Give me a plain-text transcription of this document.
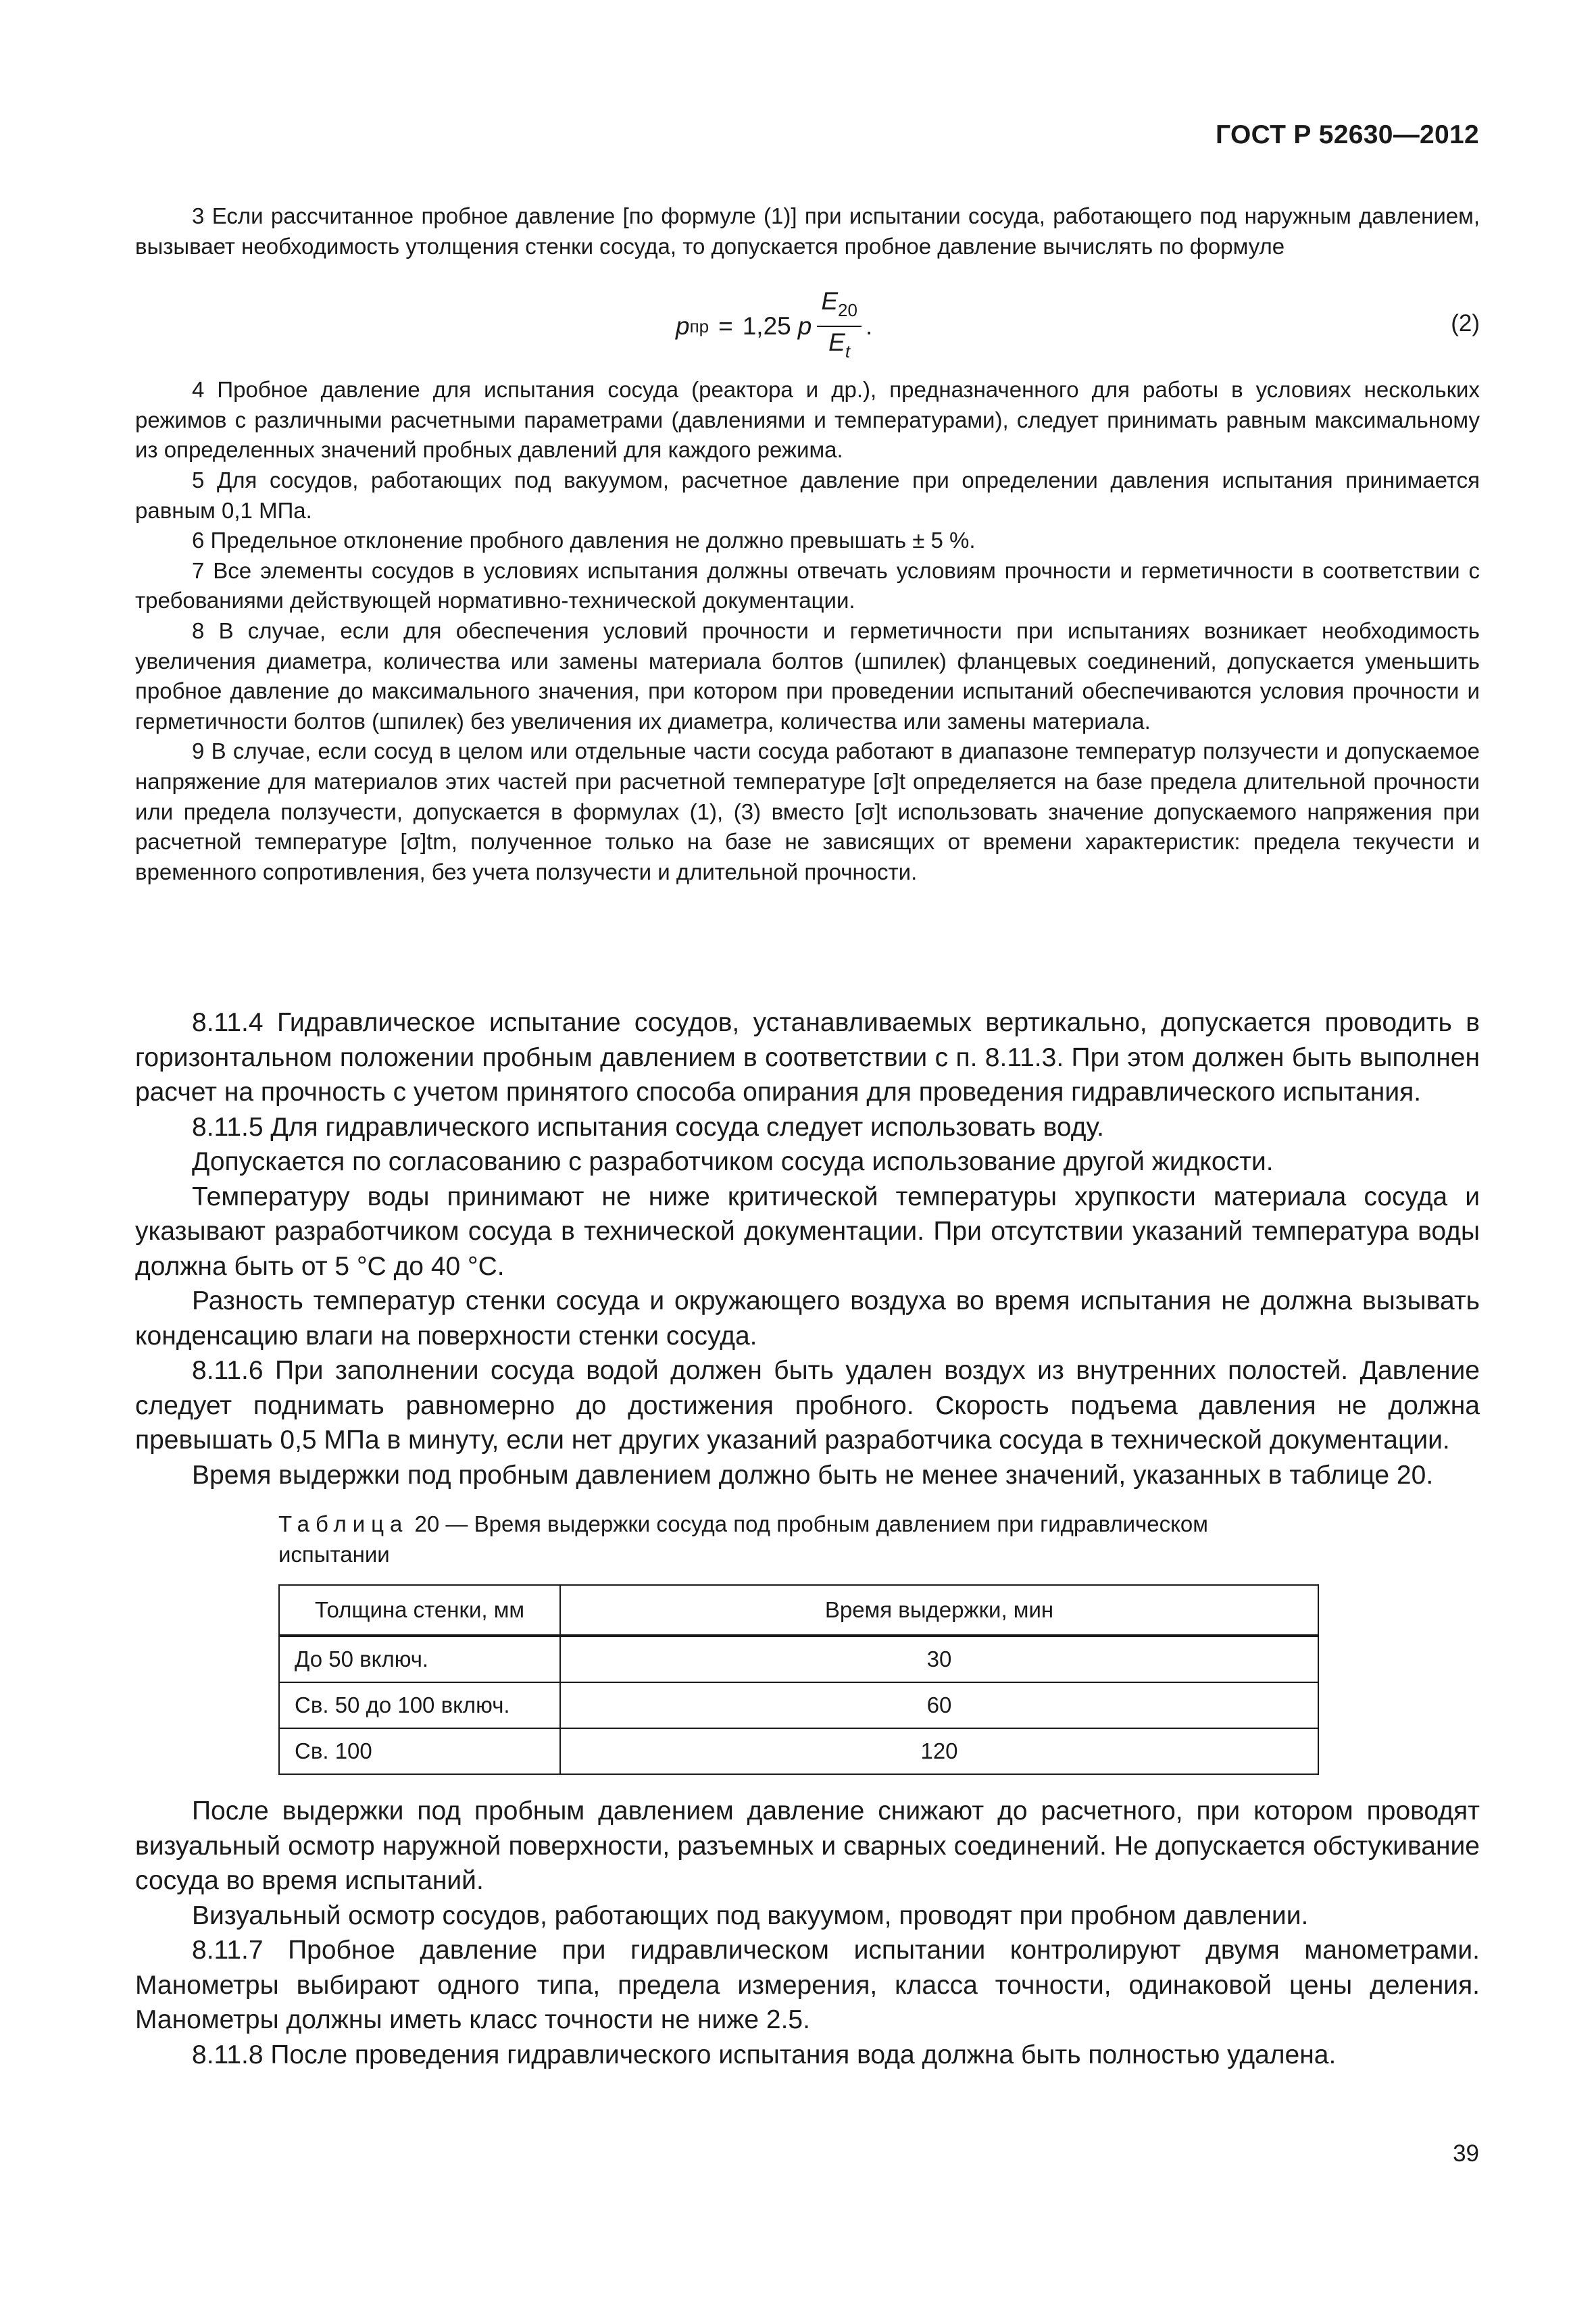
ГОСТ Р 52630—2012

3 Если рассчитанное пробное давление [по формуле (1)] при испытании сосуда, работающего под наружным давлением, вызывает необходимость утолщения стенки сосуда, то допускается пробное давление вычислять по формуле

p пр = 1,25 p $\frac{E_{20}}{E_t}$ .	(2)

4 Пробное давление для испытания сосуда (реактора и др.), предназначенного для работы в условиях нескольких режимов с различными расчетными параметрами (давлениями и температурами), следует принимать равным максимальному из определенных значений пробных давлений для каждого режима.

5 Для сосудов, работающих под вакуумом, расчетное давление при определении давления испытания принимается равным 0,1 МПа.

6 Предельное отклонение пробного давления не должно превышать ± 5 %.

7 Все элементы сосудов в условиях испытания должны отвечать условиям прочности и герметичности в соответствии с требованиями действующей нормативно-технической документации.

8 В случае, если для обеспечения условий прочности и герметичности при испытаниях возникает необходимость увеличения диаметра, количества или замены материала болтов (шпилек) фланцевых соединений, допускается уменьшить пробное давление до максимального значения, при котором при проведении испытаний обеспечиваются условия прочности и герметичности болтов (шпилек) без увеличения их диаметра, количества или замены материала.

9 В случае, если сосуд в целом или отдельные части сосуда работают в диапазоне температур ползучести и допускаемое напряжение для материалов этих частей при расчетной температуре [σ]t определяется на базе предела длительной прочности или предела ползучести, допускается в формулах (1), (3) вместо [σ]t использовать значение допускаемого напряжения при расчетной температуре [σ]tm, полученное только на базе не зависящих от времени характеристик: предела текучести и временного сопротивления, без учета ползучести и длительной прочности.

8.11.4 Гидравлическое испытание сосудов, устанавливаемых вертикально, допускается проводить в горизонтальном положении пробным давлением в соответствии с п. 8.11.3. При этом должен быть выполнен расчет на прочность с учетом принятого способа опирания для проведения гидравлического испытания.

8.11.5 Для гидравлического испытания сосуда следует использовать воду.

Допускается по согласованию с разработчиком сосуда использование другой жидкости.

Температуру воды принимают не ниже критической температуры хрупкости материала сосуда и указывают разработчиком сосуда в технической документации. При отсутствии указаний температура воды должна быть от 5 °С до 40 °С.

Разность температур стенки сосуда и окружающего воздуха во время испытания не должна вызывать конденсацию влаги на поверхности стенки сосуда.

8.11.6 При заполнении сосуда водой должен быть удален воздух из внутренних полостей. Давление следует поднимать равномерно до достижения пробного. Скорость подъема давления не должна превышать 0,5 МПа в минуту, если нет других указаний разработчика сосуда в технической документации.

Время выдержки под пробным давлением должно быть не менее значений, указанных в таблице 20.

Таблица 20 — Время выдержки сосуда под пробным давлением при гидравлическом испытании
Толщина стенки, мм	Время выдержки, мин
До 50 включ.	30
Св. 50 до 100 включ.	60
Св. 100	120

После выдержки под пробным давлением давление снижают до расчетного, при котором проводят визуальный осмотр наружной поверхности, разъемных и сварных соединений. Не допускается обстукивание сосуда во время испытаний.

Визуальный осмотр сосудов, работающих под вакуумом, проводят при пробном давлении.

8.11.7 Пробное давление при гидравлическом испытании контролируют двумя манометрами. Манометры выбирают одного типа, предела измерения, класса точности, одинаковой цены деления. Манометры должны иметь класс точности не ниже 2.5.

8.11.8 После проведения гидравлического испытания вода должна быть полностью удалена.

39
